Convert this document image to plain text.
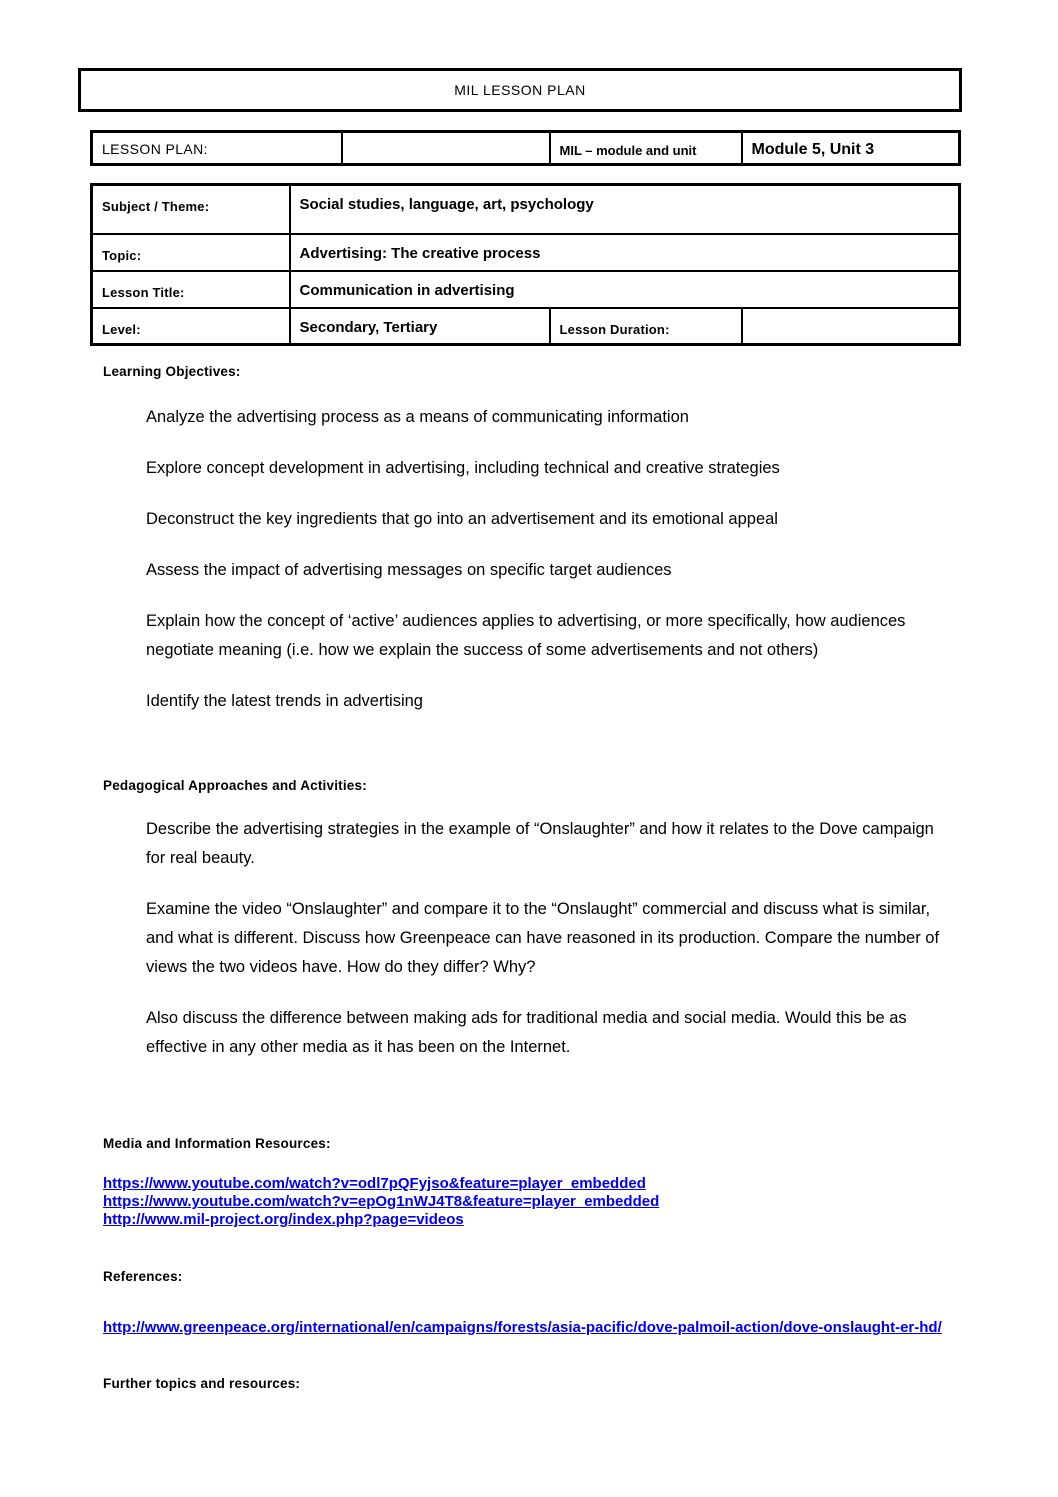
MIL LESSON PLAN
LESSON PLAN:		MIL – module and unit	Module 5, Unit 3
Subject / Theme:	Social studies, language, art, psychology		
Topic:	Advertising: The creative process		
Lesson Title:	Communication in advertising		
Level:	Secondary, Tertiary	Lesson Duration:	
Learning Objectives:

Analyze the advertising process as a means of communicating information

Explore concept development in advertising, including technical and creative strategies

Deconstruct the key ingredients that go into an advertisement and its emotional appeal

Assess the impact of advertising messages on specific target audiences

Explain how the concept of ‘active’ audiences applies to advertising, or more specifically, how audiences negotiate meaning (i.e. how we explain the success of some advertisements and not others)

Identify the latest trends in advertising

Pedagogical Approaches and Activities:

Describe the advertising strategies in the example of “Onslaughter” and how it relates to the Dove campaign for real beauty.

Examine the video “Onslaughter” and compare it to the “Onslaught” commercial and discuss what is similar, and what is different. Discuss how Greenpeace can have reasoned in its production. Compare the number of views the two videos have. How do they differ? Why?

Also discuss the difference between making ads for traditional media and social media. Would this be as effective in any other media as it has been on the Internet.

Media and Information Resources:
https://www.youtube.com/watch?v=odl7pQFyjso&feature=player_embedded
https://www.youtube.com/watch?v=epOg1nWJ4T8&feature=player_embedded
http://www.mil-project.org/index.php?page=videos
References:
http://www.greenpeace.org/international/en/campaigns/forests/asia-pacific/dove-palmoil-action/dove-onslaught-er-hd/
Further topics and resources:
